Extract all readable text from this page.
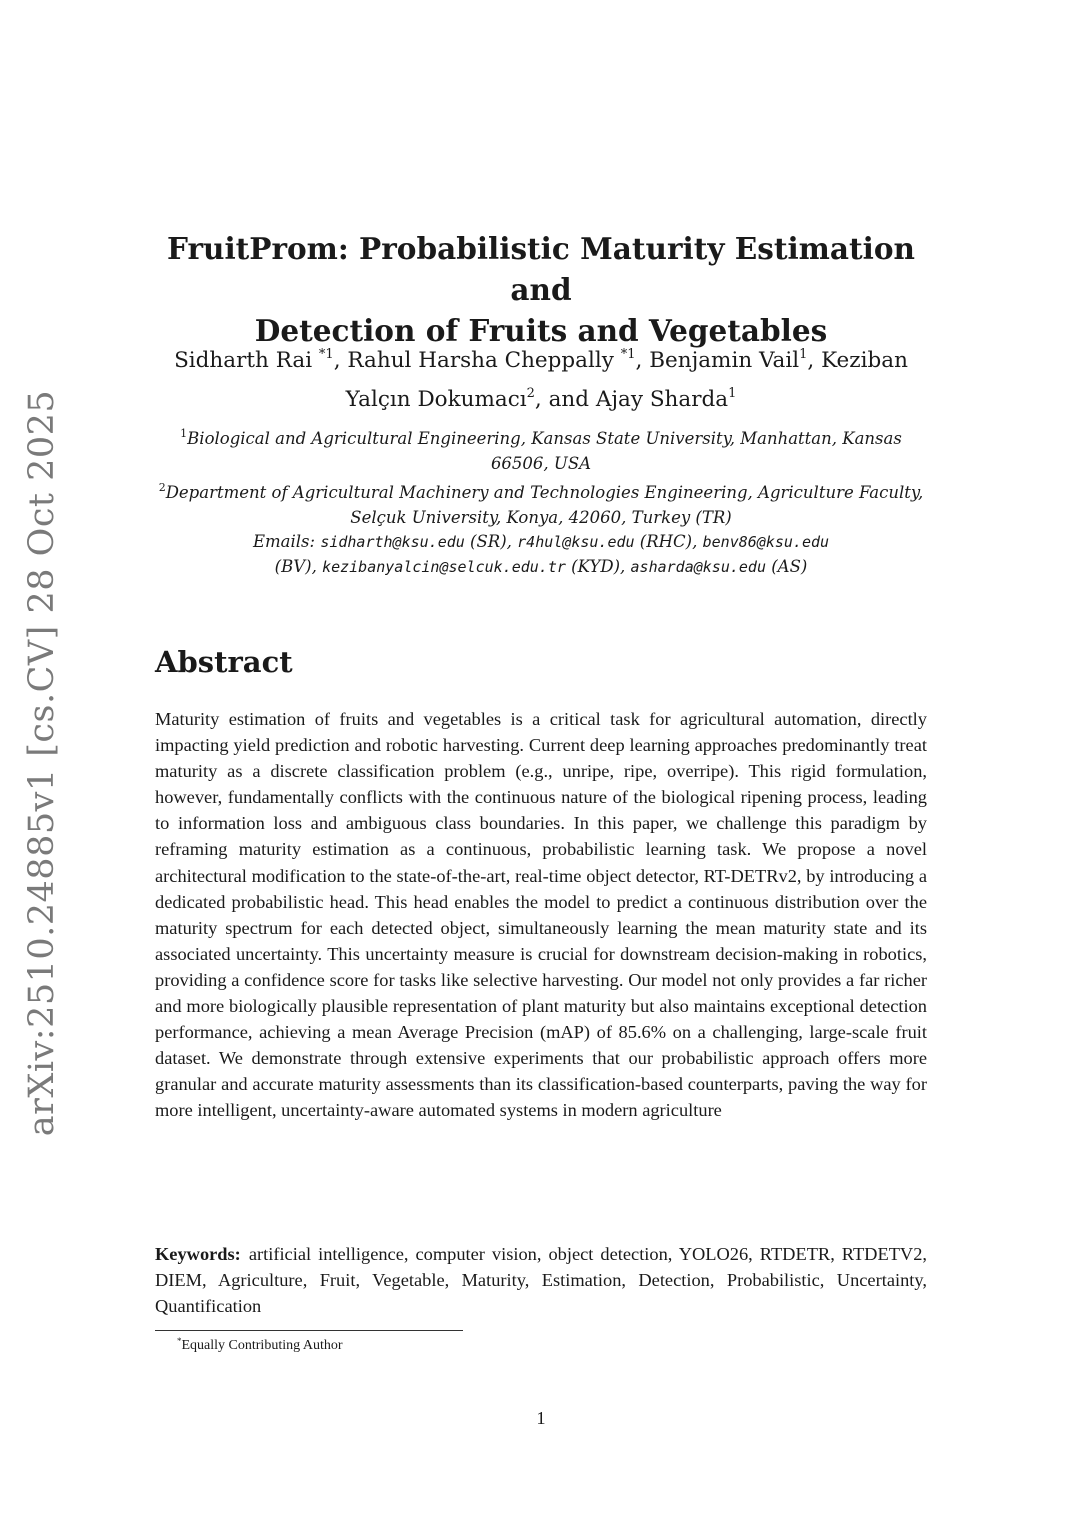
arXiv:2510.24885v1 [cs.CV] 28 Oct 2025
FruitProm: Probabilistic Maturity Estimation and
Detection of Fruits and Vegetables
Sidharth Rai $^{*1}$, Rahul Harsha Cheppally $^{*1}$, Benjamin Vail$^1$, Keziban
Yalçın Dokumacı$^2$, and Ajay Sharda$^1$
$^1$Biological and Agricultural Engineering, Kansas State University, Manhattan, Kansas
66506, USA
$^2$Department of Agricultural Machinery and Technologies Engineering, Agriculture Faculty,
Selçuk University, Konya, 42060, Turkey (TR)
Emails: sidharth@ksu.edu (SR), r4hul@ksu.edu (RHC), benv86@ksu.edu
(BV), kezibanyalcin@selcuk.edu.tr (KYD), asharda@ksu.edu (AS)
Abstract
Maturity estimation of fruits and vegetables is a critical task for agricultural automation, directly impacting yield prediction and robotic harvesting. Current deep learning approaches predominantly treat maturity as a discrete classification problem (e.g., unripe, ripe, overripe). This rigid formulation, however, fundamentally conflicts with the continuous nature of the biological ripening process, leading to information loss and ambiguous class boundaries. In this paper, we challenge this paradigm by reframing maturity estimation as a continuous, probabilistic learning task. We propose a novel architectural modification to the state-of-the-art, real-time object detector, RT-DETRv2, by introducing a dedicated probabilistic head. This head enables the model to predict a continuous distribution over the maturity spectrum for each detected object, simultaneously learning the mean maturity state and its associated uncertainty. This uncertainty measure is crucial for downstream decision-making in robotics, providing a confidence score for tasks like selective harvesting. Our model not only provides a far richer and more biologically plausible representation of plant maturity but also maintains exceptional detection performance, achieving a mean Average Precision (mAP) of 85.6% on a challenging, large-scale fruit dataset. We demonstrate through extensive experiments that our probabilistic approach offers more granular and accurate maturity assessments than its classification-based counterparts, paving the way for more intelligent, uncertainty-aware automated systems in modern agriculture
Keywords: artificial intelligence, computer vision, object detection, YOLO26, RTDETR, RTDETV2, DIEM, Agriculture, Fruit, Vegetable, Maturity, Estimation, Detection, Probabilistic, Uncertainty, Quantification
*Equally Contributing Author
1
